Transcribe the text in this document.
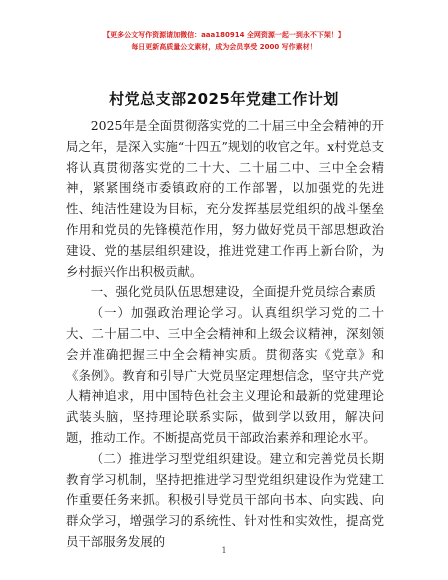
【更多公文写作资源请加微信：aaa180914 全网资源一起一到永不下架！】
每日更新高质量公文素材，成为会员享受 2000 写作素材！
村党总支部2025年党建工作计划

2025年是全面贯彻落实党的二十届三中全会精神的开局之年，是深入实施“十四五”规划的收官之年。x村党总支将认真贯彻落实党的二十大、二十届二中、三中全会精神，紧紧围绕市委镇政府的工作部署，以加强党的先进性、纯洁性建设为目标，充分发挥基层党组织的战斗堡垒作用和党员的先锋模范作用，努力做好党员干部思想政治建设、党的基层组织建设，推进党建工作再上新台阶，为乡村振兴作出积极贡献。

一、强化党员队伍思想建设，全面提升党员综合素质

（一）加强政治理论学习。认真组织学习党的二十大、二十届二中、三中全会精神和上级会议精神，深刻领会并准确把握三中全会精神实质。贯彻落实《党章》和《条例》。教育和引导广大党员坚定理想信念，坚守共产党人精神追求，用中国特色社会主义理论和最新的党建理论武装头脑，坚持理论联系实际，做到学以致用，解决问题，推动工作。不断提高党员干部政治素养和理论水平。

（二）推进学习型党组织建设。建立和完善党员长期教育学习机制，坚持把推进学习型党组织建设作为党建工作重要任务来抓。积极引导党员干部向书本、向实践、向群众学习，增强学习的系统性、针对性和实效性，提高党员干部服务发展的

1
